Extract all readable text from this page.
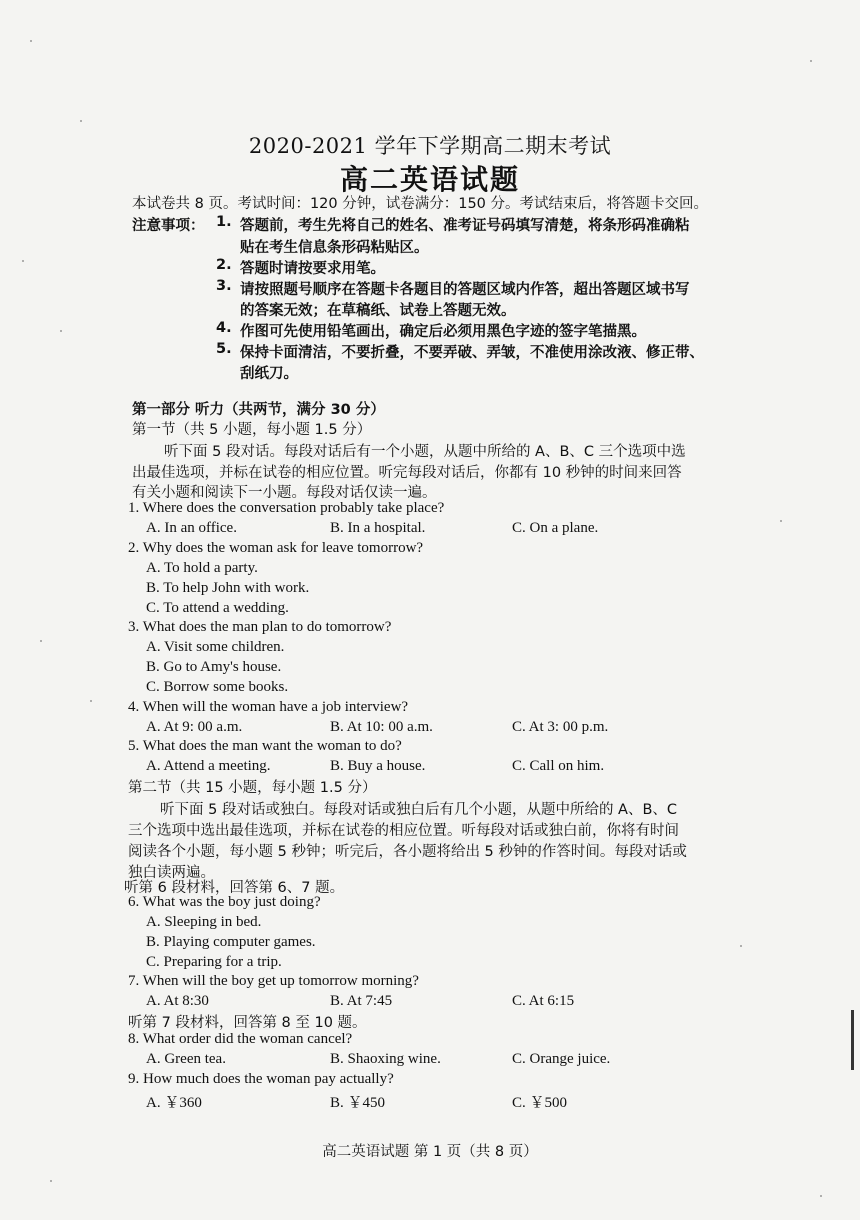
2020-2021 学年下学期高二期末考试
高二英语试题
本试卷共 8 页。考试时间：120 分钟，试卷满分：150 分。考试结束后，将答题卡交回。
注意事项： 1. 答题前，考生先将自己的姓名、准考证号码填写清楚，将条形码准确粘
贴在考生信息条形码粘贴区。
2. 答题时请按要求用笔。
3. 请按照题号顺序在答题卡各题目的答题区域内作答，超出答题区域书写
的答案无效；在草稿纸、试卷上答题无效。
4. 作图可先使用铅笔画出，确定后必须用黑色字迹的签字笔描黑。
5. 保持卡面清洁，不要折叠，不要弄破、弄皱，不准使用涂改液、修正带、
刮纸刀。
第一部分 听力（共两节，满分 30 分）
第一节（共 5 小题，每小题 1.5 分）
听下面 5 段对话。每段对话后有一个小题，从题中所给的 A、B、C 三个选项中选
出最佳选项，并标在试卷的相应位置。听完每段对话后，你都有 10 秒钟的时间来回答
有关小题和阅读下一小题。每段对话仅读一遍。
1. Where does the conversation probably take place?
A. In an office.	B. In a hospital.	C. On a plane.
2. Why does the woman ask for leave tomorrow?
A. To hold a party.
B. To help John with work.
C. To attend a wedding.
3. What does the man plan to do tomorrow?
A. Visit some children.
B. Go to Amy's house.
C. Borrow some books.
4. When will the woman have a job interview?
A. At 9: 00 a.m.	B. At 10: 00 a.m.	C. At 3: 00 p.m.
5. What does the man want the woman to do?
A. Attend a meeting.	B. Buy a house.	C. Call on him.
第二节（共 15 小题，每小题 1.5 分）
听下面 5 段对话或独白。每段对话或独白后有几个小题，从题中所给的 A、B、C
三个选项中选出最佳选项，并标在试卷的相应位置。听每段对话或独白前，你将有时间
阅读各个小题，每小题 5 秒钟；听完后，各小题将给出 5 秒钟的作答时间。每段对话或
独白读两遍。
听第 6 段材料，回答第 6、7 题。
6. What was the boy just doing?
A. Sleeping in bed.
B. Playing computer games.
C. Preparing for a trip.
7. When will the boy get up tomorrow morning?
A. At 8:30	B. At 7:45	C. At 6:15
听第 7 段材料，回答第 8 至 10 题。
8. What order did the woman cancel?
A. Green tea.	B. Shaoxing wine.	C. Orange juice.
9. How much does the woman pay actually?
A. ￥360	B. ￥450	C. ￥500
高二英语试题 第 1 页（共 8 页）
